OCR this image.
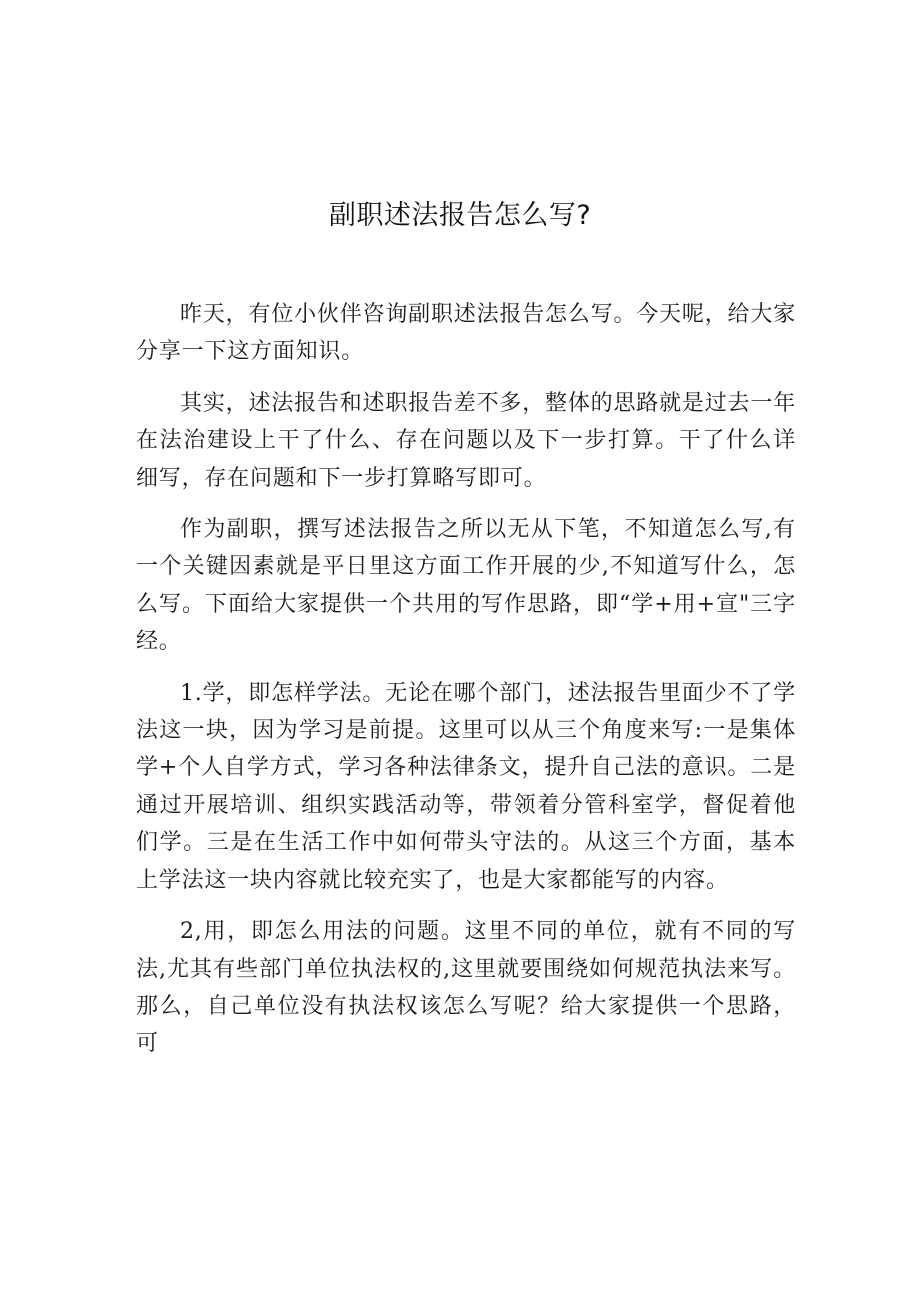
副职述法报告怎么写?

昨天，有位小伙伴咨询副职述法报告怎么写。今天呢，给大家分享一下这方面知识。

其实，述法报告和述职报告差不多，整体的思路就是过去一年在法治建设上干了什么、存在问题以及下一步打算。干了什么详细写，存在问题和下一步打算略写即可。

作为副职，撰写述法报告之所以无从下笔，不知道怎么写,有一个关键因素就是平日里这方面工作开展的少,不知道写什么，怎么写。下面给大家提供一个共用的写作思路，即“学+用+宣"三字经。

1.学，即怎样学法。无论在哪个部门，述法报告里面少不了学法这一块，因为学习是前提。这里可以从三个角度来写:一是集体学+个人自学方式，学习各种法律条文，提升自己法的意识。二是通过开展培训、组织实践活动等，带领着分管科室学，督促着他们学。三是在生活工作中如何带头守法的。从这三个方面，基本上学法这一块内容就比较充实了，也是大家都能写的内容。

2,用，即怎么用法的问题。这里不同的单位，就有不同的写法,尤其有些部门单位执法权的,这里就要围绕如何规范执法来写。那么，自己单位没有执法权该怎么写呢？给大家提供一个思路，可
